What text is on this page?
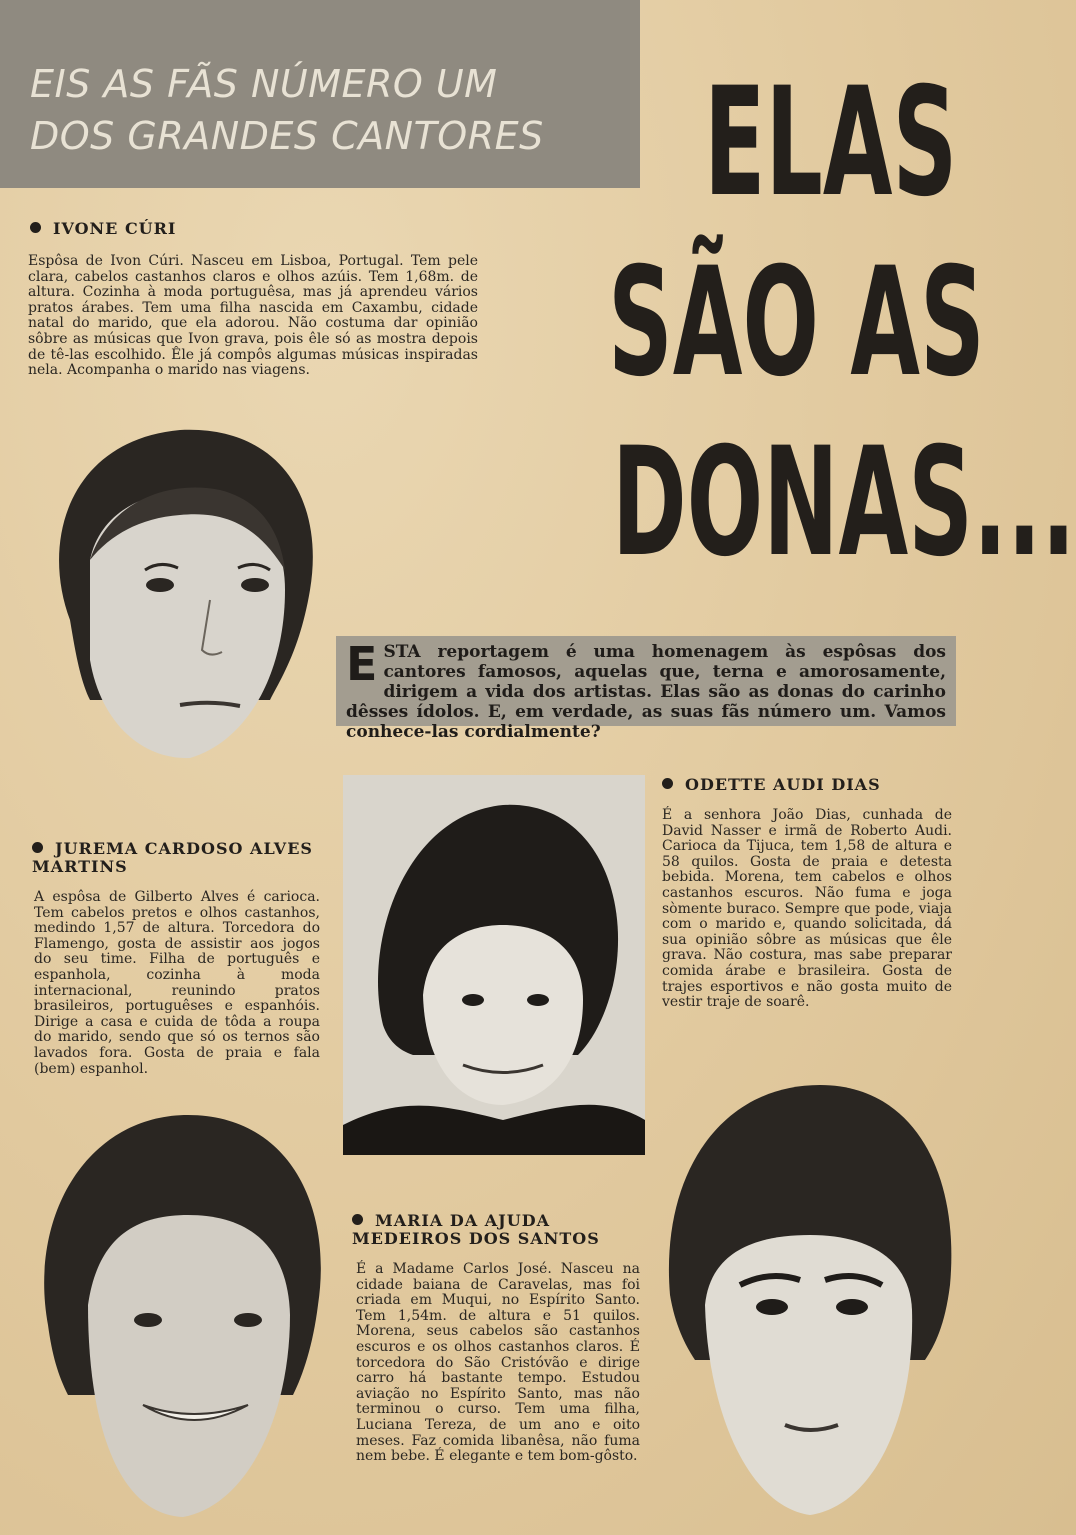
EIS AS FÃS NÚMERO UM
DOS GRANDES CANTORES ELAS
SÃO AS
DONAS...
IVONE CÚRI
Espôsa de Ivon Cúri. Nasceu em Lisboa, Portugal. Tem pele clara, cabelos castanhos claros e olhos azúis. Tem 1,68m. de altura. Cozinha à moda portuguêsa, mas já aprendeu vários pratos árabes. Tem uma filha nascida em Caxambu, cidade natal do marido, que ela adorou. Não costuma dar opinião sôbre as músicas que Ivon grava, pois êle só as mostra depois de tê-las escolhido. Êle já compôs algumas músicas inspiradas nela. Acompanha o marido nas viagens.
ESTA reportagem é uma homenagem às espôsas dos cantores famosos, aquelas que, terna e amorosamente, dirigem a vida dos artistas. Elas são as donas do carinho dêsses ídolos. E, em verdade, as suas fãs número um. Vamos conhece-las cordialmente?
ODETTE AUDI DIAS
É a senhora João Dias, cunhada de David Nasser e irmã de Roberto Audi. Carioca da Tijuca, tem 1,58 de altura e 58 quilos. Gosta de praia e detesta bebida. Morena, tem cabelos e olhos castanhos escuros. Não fuma e joga sòmente buraco. Sempre que pode, viaja com o marido e, quando solicitada, dá sua opinião sôbre as músicas que êle grava. Não costura, mas sabe preparar comida árabe e brasileira. Gosta de trajes esportivos e não gosta muito de vestir traje de soarê.
JUREMA CARDOSO ALVES MARTINS
A espôsa de Gilberto Alves é carioca. Tem cabelos pretos e olhos castanhos, medindo 1,57 de altura. Torcedora do Flamengo, gosta de assistir aos jogos do seu time. Filha de português e espanhola, cozinha à moda internacional, reunindo pratos brasileiros, portuguêses e espanhóis. Dirige a casa e cuida de tôda a roupa do marido, sendo que só os ternos são lavados fora. Gosta de praia e fala (bem) espanhol.
MARIA DA AJUDA MEDEIROS DOS SANTOS
É a Madame Carlos José. Nasceu na cidade baiana de Caravelas, mas foi criada em Muqui, no Espírito Santo. Tem 1,54m. de altura e 51 quilos. Morena, seus cabelos são castanhos escuros e os olhos castanhos claros. É torcedora do São Cristóvão e dirige carro há bastante tempo. Estudou aviação no Espírito Santo, mas não terminou o curso. Tem uma filha, Luciana Tereza, de um ano e oito meses. Faz comida libanêsa, não fuma nem bebe. É elegante e tem bom-gôsto.
